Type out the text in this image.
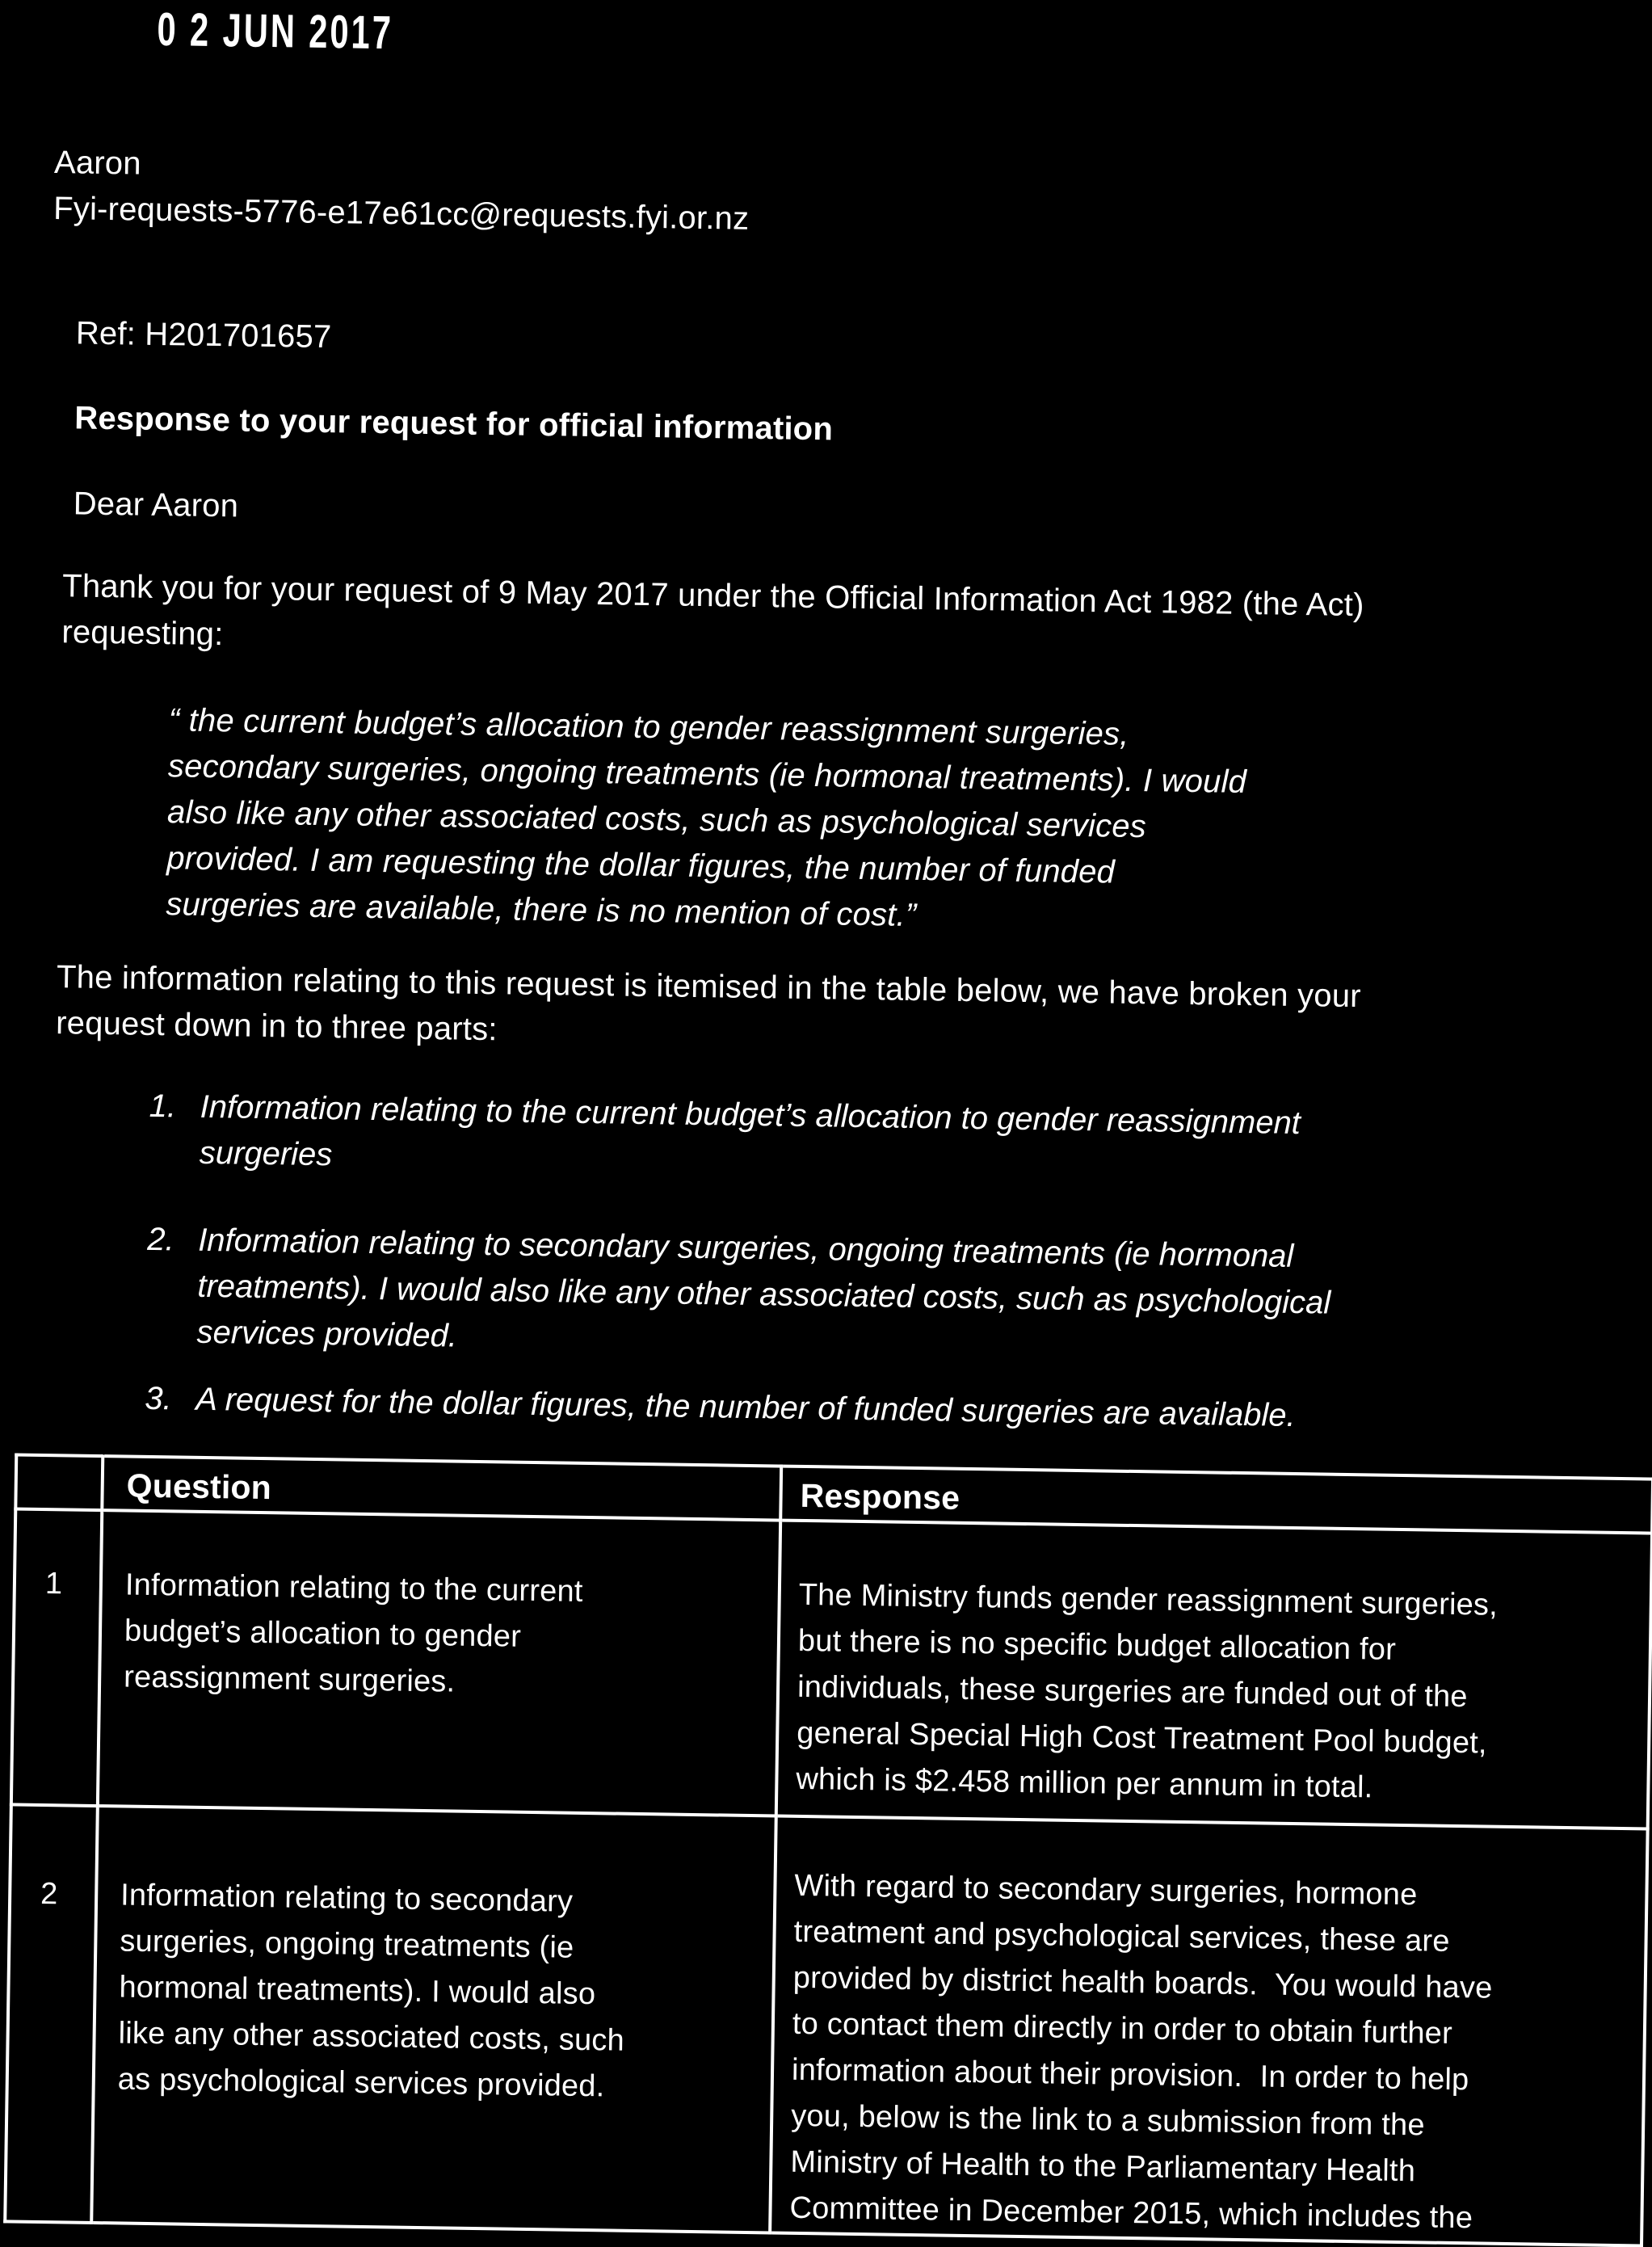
0 2 JUN 2017
Aaron
Fyi-requests-5776-e17e61cc@requests.fyi.or.nz
Ref: H201701657
Response to your request for official information
Dear Aaron
Thank you for your request of 9 May 2017 under the Official Information Act 1982 (the Act)
requesting:
“ the current budget’s allocation to gender reassignment surgeries,
secondary surgeries, ongoing treatments (ie hormonal treatments). I would
also like any other associated costs, such as psychological services
provided. I am requesting the dollar figures, the number of funded
surgeries are available, there is no mention of cost.”
The information relating to this request is itemised in the table below, we have broken your
request down in to three parts:
1. Information relating to the current budget’s allocation to gender reassignment
surgeries
2. Information relating to secondary surgeries, ongoing treatments (ie hormonal
treatments). I would also like any other associated costs, such as psychological
services provided.
3. A request for the dollar figures, the number of funded surgeries are available.
	Question	Response
1	Information relating to the current
budget’s allocation to gender
reassignment surgeries.	The Ministry funds gender reassignment surgeries,
but there is no specific budget allocation for
individuals, these surgeries are funded out of the
general Special High Cost Treatment Pool budget,
which is $2.458 million per annum in total.
2	Information relating to secondary
surgeries, ongoing treatments (ie
hormonal treatments). I would also
like any other associated costs, such
as psychological services provided.	With regard to secondary surgeries, hormone
treatment and psychological services, these are
provided by district health boards.  You would have
to contact them directly in order to obtain further
information about their provision.  In order to help
you, below is the link to a submission from the
Ministry of Health to the Parliamentary Health
Committee in December 2015, which includes the
